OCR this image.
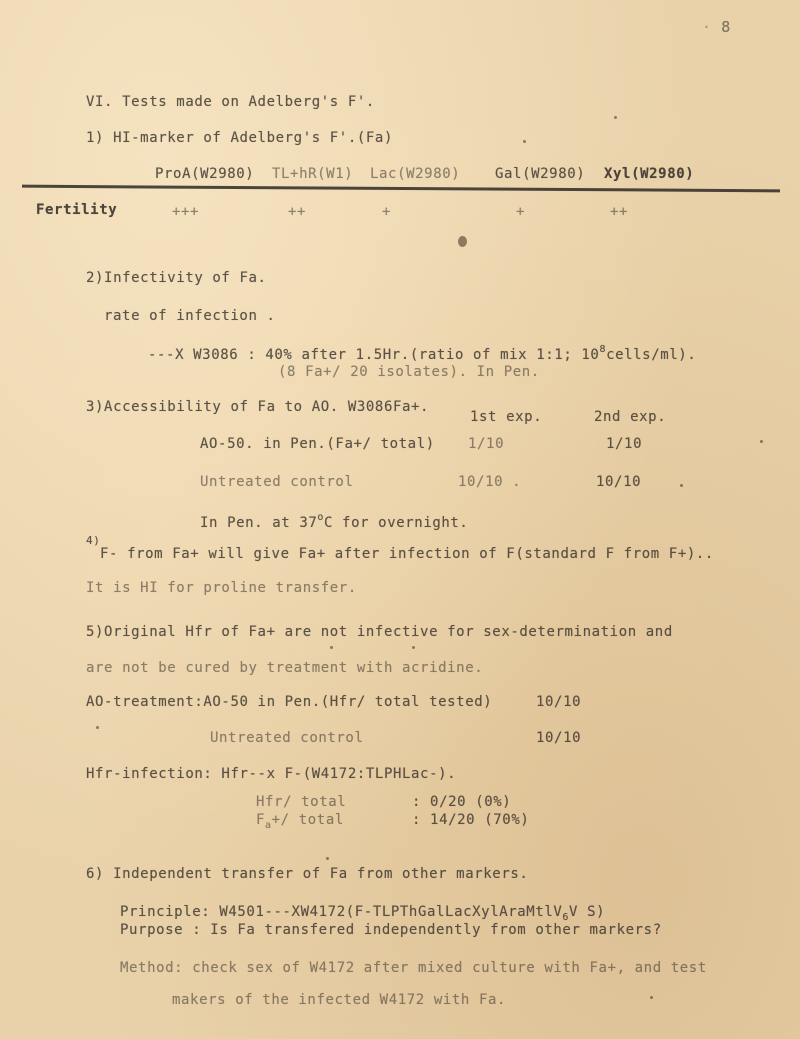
· 8
VI. Tests made on Adelberg's F'.
1) HI-marker of Adelberg's F'.(Fa)
ProA(W2980) TL+hR(W1) Lac(W2980) Gal(W2980) Xyl(W2980)
Fertility	+++	++	+	+	++
2)Infectivity of Fa.
rate of infection .
---X W3086 : 40% after 1.5Hr.(ratio of mix 1:1; $10^8cells/ml$).
(8 Fa+/ 20 isolates). In Pen.
3)Accessibility of Fa to AO. W3086Fa+.
1st exp.	2nd exp.
AO-50. in Pen.(Fa+/ total) 1/10	1/10
Untreated control	10/10 .	10/10
In Pen. at 37$^o$C for overnight.
4)
F- from Fa+ will give Fa+ after infection of F(standard F from F+)..
It is HI for proline transfer.
5)Original Hfr of Fa+ are not infective for sex-determination and
are not be cured by treatment with acridine.
AO-treatment:AO-50 in Pen.(Hfr/ total tested)	10/10
Untreated control	10/10
Hfr-infection: Hfr--x F-(W4172:TLPHLac-).
Hfr/ total	: 0/20 (0%)
$F_a+/$ total	: 14/20 (70%)
6) Independent transfer of Fa from other markers.
Principle: W4501---XW4172(F-TLPThGalLacXylAraMtlV$_6$V S)
Purpose : Is Fa transfered independently from other markers?
Method: check sex of W4172 after mixed culture with Fa+, and test
makers of the infected W4172 with Fa.
